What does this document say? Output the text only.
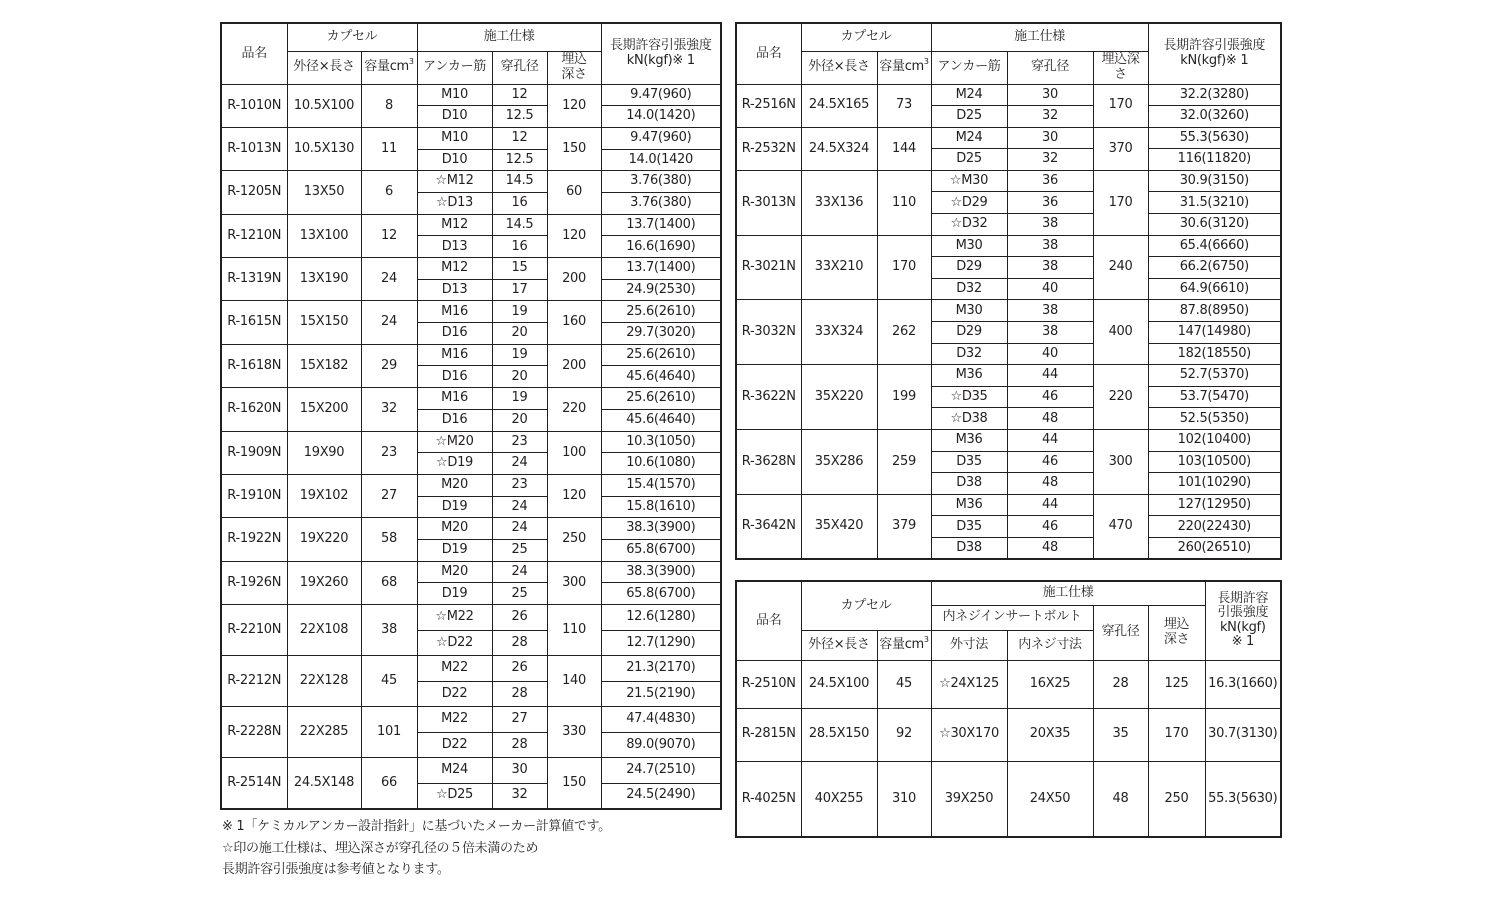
品名	カプセル		施工仕様			長期許容引張強度
kN(kgf)※ 1

	外径×長さ	容量$cm^3$	アンカー筋	穿孔径	埋込
深さ	

R-1010N	10.5X100	8	M10	12	120	9.47(960)
			D10	12.5		14.0(1420)
R-1013N	10.5X130	11	M10	12	150	9.47(960)
			D10	12.5		14.0(1420
R-1205N	13X50	6	☆M12	14.5	60	3.76(380)
			☆D13	16		3.76(380)
R-1210N	13X100	12	M12	14.5	120	13.7(1400)
			D13	16		16.6(1690)
R-1319N	13X190	24	M12	15	200	13.7(1400)
			D13	17		24.9(2530)
R-1615N	15X150	24	M16	19	160	25.6(2610)
			D16	20		29.7(3020)
R-1618N	15X182	29	M16	19	200	25.6(2610)
			D16	20		45.6(4640)
R-1620N	15X200	32	M16	19	220	25.6(2610)
			D16	20		45.6(4640)
R-1909N	19X90	23	☆M20	23	100	10.3(1050)
			☆D19	24		10.6(1080)
R-1910N	19X102	27	M20	23	120	15.4(1570)
			D19	24		15.8(1610)
R-1922N	19X220	58	M20	24	250	38.3(3900)
			D19	25		65.8(6700)
R-1926N	19X260	68	M20	24	300	38.3(3900)
			D19	25		65.8(6700)
R-2210N	22X108	38	☆M22	26	110	12.6(1280)
			☆D22	28		12.7(1290)
R-2212N	22X128	45	M22	26	140	21.3(2170)
			D22	28		21.5(2190)
R-2228N	22X285	101	M22	27	330	47.4(4830)
			D22	28		89.0(9070)
R-2514N	24.5X148	66	M24	30	150	24.7(2510)
			☆D25	32		24.5(2490)
品名	カプセル		施工仕様			長期許容引張強度
kN(kgf)※ 1

	外径×長さ	容量$cm^3$	アンカー筋	穿孔径	埋込深
さ	

R-2516N	24.5X165	73	M24	30	170	32.2(3280)
			D25	32		32.0(3260)
R-2532N	24.5X324	144	M24	30	370	55.3(5630)
			D25	32		116(11820)
R-3013N	33X136	110	☆M30	36	170	30.9(3150)
			☆D29	36		31.5(3210)
			☆D32	38		30.6(3120)
R-3021N	33X210	170	M30	38	240	65.4(6660)
			D29	38		66.2(6750)
			D32	40		64.9(6610)
R-3032N	33X324	262	M30	38	400	87.8(8950)
			D29	38		147(14980)
			D32	40		182(18550)
R-3622N	35X220	199	M36	44	220	52.7(5370)
			☆D35	46		53.7(5470)
			☆D38	48		52.5(5350)
R-3628N	35X286	259	M36	44	300	102(10400)
			D35	46		103(10500)
			D38	48		101(10290)
R-3642N	35X420	379	M36	44	470	127(12950)
			D35	46		220(22430)
			D38	48		260(26510)
品名	カプセル		施工仕様				長期許容
引張強度
kN(kgf)
※ 1

			内ネジインサートボルト		穿孔径	埋込
深さ	

	外径×長さ	容量$cm^3$	外寸法	内ネジ寸法			
R-2510N	24.5X100	45	☆24X125	16X25	28	125	16.3(1660)
R-2815N	28.5X150	92	☆30X170	20X35	35	170	30.7(3130)
R-4025N	40X255	310	39X250	24X50	48	250	55.3(5630)
※ 1「ケミカルアンカー設計指針」に基づいたメーカー計算値です。
☆印の施工仕様は、埋込深さが穿孔径の５倍未満のため
長期許容引張強度は参考値となります。
